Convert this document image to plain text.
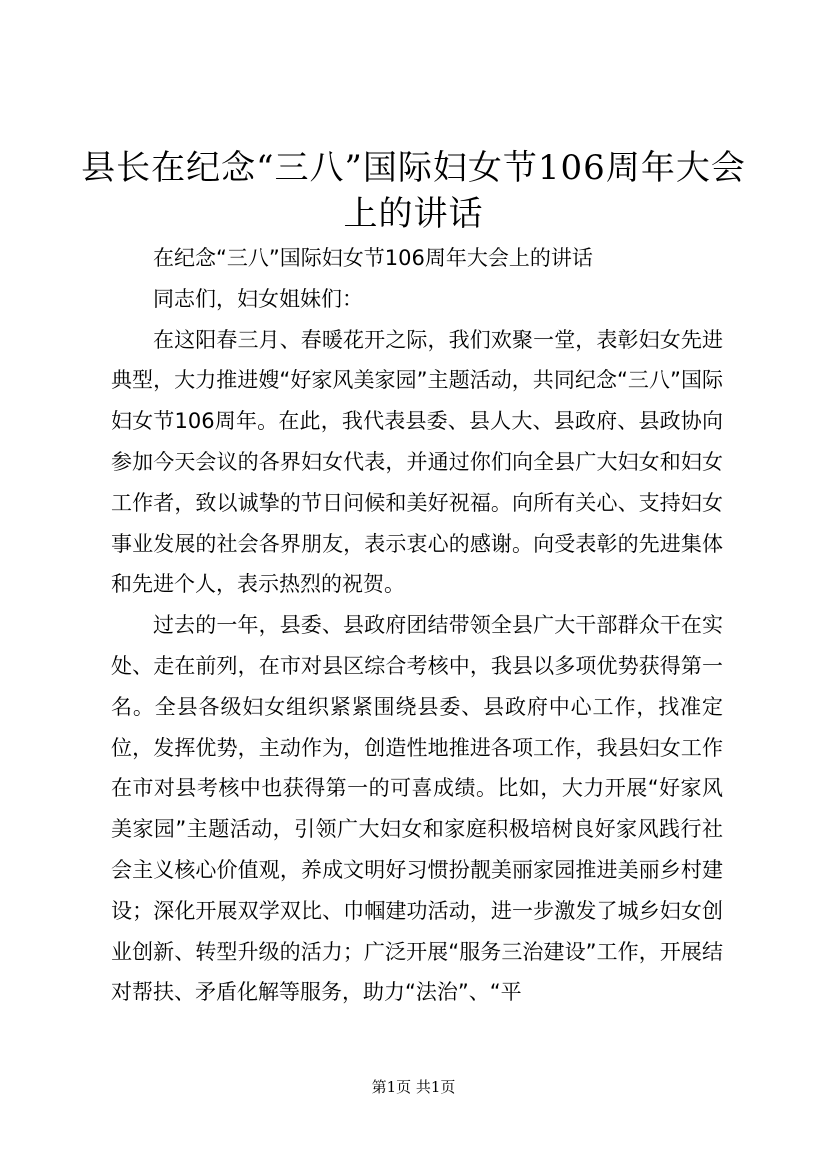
县长在纪念“三八”国际妇女节106周年大会上的讲话

在纪念“三八”国际妇女节106周年大会上的讲话

同志们，妇女姐妹们：

在这阳春三月、春暖花开之际，我们欢聚一堂，表彰妇女先进典型，大力推进嫂“好家风美家园”主题活动，共同纪念“三八”国际妇女节106周年。在此，我代表县委、县人大、县政府、县政协向参加今天会议的各界妇女代表，并通过你们向全县广大妇女和妇女工作者，致以诚挚的节日问候和美好祝福。向所有关心、支持妇女事业发展的社会各界朋友，表示衷心的感谢。向受表彰的先进集体和先进个人，表示热烈的祝贺。

过去的一年，县委、县政府团结带领全县广大干部群众干在实处、走在前列，在市对县区综合考核中，我县以多项优势获得第一名。全县各级妇女组织紧紧围绕县委、县政府中心工作，找准定位，发挥优势，主动作为，创造性地推进各项工作，我县妇女工作在市对县考核中也获得第一的可喜成绩。比如，大力开展“好家风美家园”主题活动，引领广大妇女和家庭积极培树良好家风践行社会主义核心价值观，养成文明好习惯扮靓美丽家园推进美丽乡村建设；深化开展双学双比、巾帼建功活动，进一步激发了城乡妇女创业创新、转型升级的活力；广泛开展“服务三治建设”工作，开展结对帮扶、矛盾化解等服务，助力“法治”、“平

第1页 共1页
